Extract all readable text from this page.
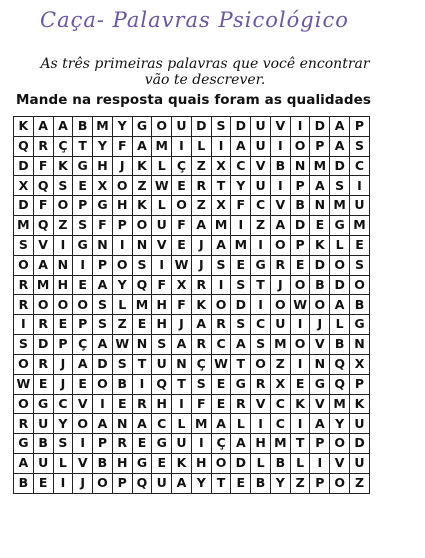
Caça- Palavras Psicológico
As três primeiras palavras que você encontrar
vão te descrever.
Mande na resposta quais foram as qualidades
K	A	A	B	M	Y	G	O	U	D	S	D	U	V	I	D	A	P
Q	R	Ç	T	Y	F	A	M	I	L	I	A	U	I	O	P	A	S
D	F	K	G	H	J	K	L	Ç	Z	X	C	V	B	N	M	D	C
X	Q	S	E	X	O	Z	W	E	R	T	Y	U	I	P	A	S	I
D	F	O	P	G	H	K	L	O	Z	X	F	C	V	B	N	M	U
M	Q	Z	S	F	P	O	U	F	A	M	I	Z	A	D	E	G	M
S	V	I	G	N	I	N	V	E	J	A	M	I	O	P	K	L	E
O	A	N	I	P	O	S	I	W	J	S	E	G	R	E	D	O	S
R	M	H	E	A	Y	Q	F	X	R	I	S	T	J	O	B	D	O
R	O	O	O	S	L	M	H	F	K	O	D	I	O	W	O	A	B
I	R	E	P	S	Z	E	H	J	A	R	S	C	U	I	J	L	G
S	D	P	Ç	A	W	N	S	A	R	C	A	S	M	O	V	B	N
O	R	J	A	D	S	T	U	N	Ç	W	T	O	Z	I	N	Q	X
W	E	J	E	O	B	I	Q	T	S	E	G	R	X	E	G	Q	P
O	G	C	V	I	E	R	H	I	F	E	R	V	C	K	V	M	K
R	U	Y	O	A	N	A	C	L	M	A	L	I	C	I	A	Y	U
G	B	S	I	P	R	E	G	U	I	Ç	A	H	M	T	P	O	D
A	U	L	V	B	H	G	E	K	H	O	D	L	B	L	I	V	U
B	E	I	J	O	P	Q	U	A	Y	T	E	B	Y	Z	P	O	Z
